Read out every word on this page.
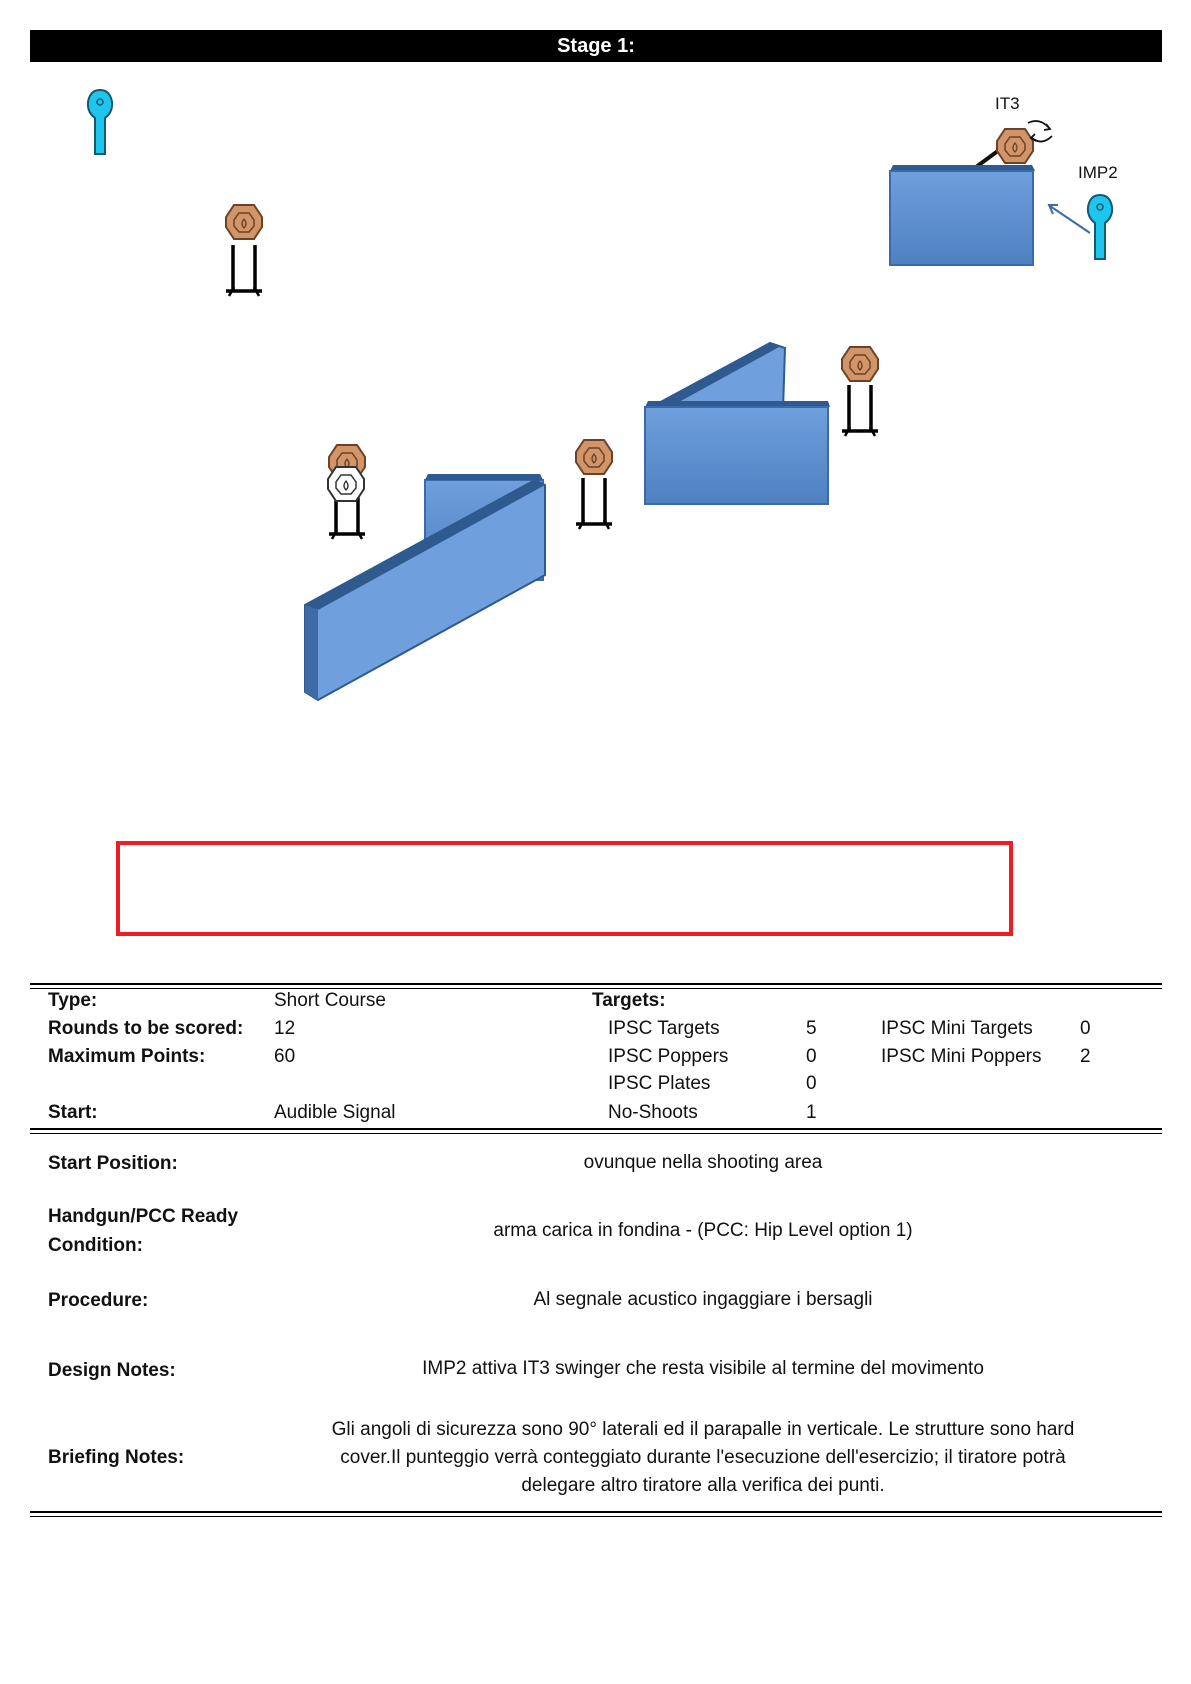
Stage 1:
IT3
IMP2
Type:	Short Course
Rounds to be scored: 12
Maximum Points:	60
Start:	Audible Signal
Targets:
IPSC Targets	5
IPSC Poppers	0
IPSC Plates	0
No-Shoots	1
IPSC Mini Targets 0
IPSC Mini Poppers 2
Start Position:	ovunque nella shooting area
Handgun/PCC Ready
Condition:
arma carica in fondina - (PCC: Hip Level option 1)
Procedure:	Al segnale acustico ingaggiare i bersagli
Design Notes:	IMP2 attiva IT3 swinger che resta visibile al termine del movimento
Briefing Notes:
Gli angoli di sicurezza sono 90° laterali ed il parapalle in verticale. Le strutture sono hard
cover.Il punteggio verrà conteggiato durante l'esecuzione dell'esercizio; il tiratore potrà
delegare altro tiratore alla verifica dei punti.
